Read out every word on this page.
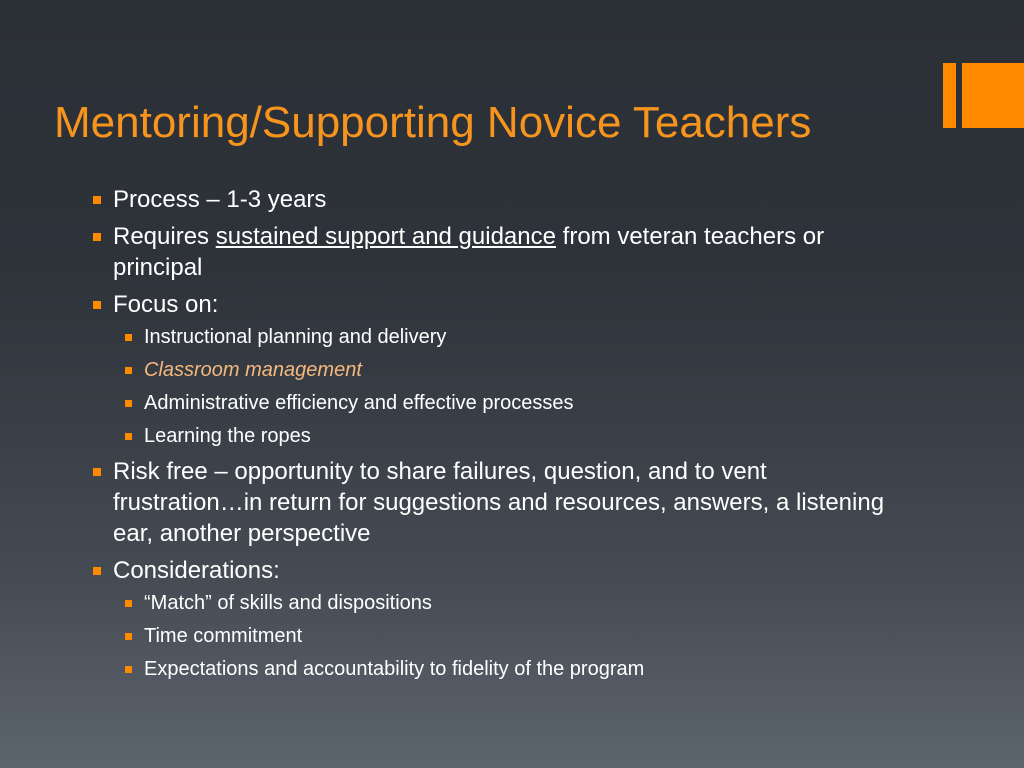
Mentoring/Supporting Novice Teachers
Process – 1-3 years
Requires sustained support and guidance from veteran teachers or principal
Focus on:
Instructional planning and delivery
Classroom management
Administrative efficiency and effective processes
Learning the ropes
Risk free – opportunity to share failures, question, and to vent frustration…in return for suggestions and resources, answers, a listening ear, another perspective
Considerations:
“Match” of skills and dispositions
Time commitment
Expectations and accountability to fidelity of the program
